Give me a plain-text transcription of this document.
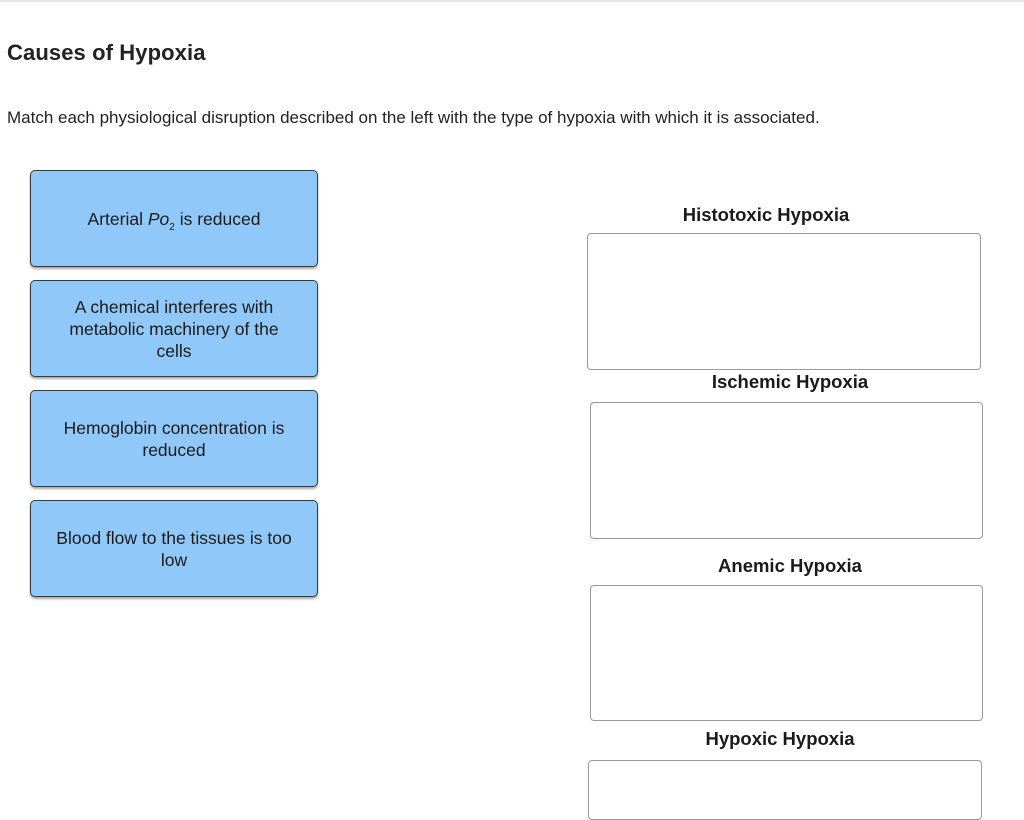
Causes of Hypoxia

Match each physiological disruption described on the left with the type of hypoxia with which it is associated.

Arterial $Po_2$ is reduced
A chemical interferes with metabolic machinery of the cells
Hemoglobin concentration is reduced
Blood flow to the tissues is too low
Histotoxic Hypoxia
Ischemic Hypoxia
Anemic Hypoxia
Hypoxic Hypoxia
